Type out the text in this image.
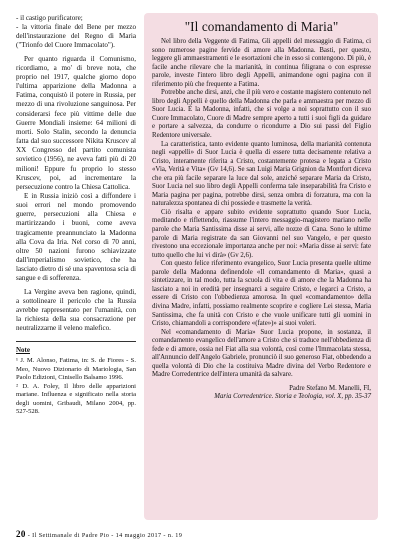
- il castigo purificatore;

- la vittoria finale del Bene per mezzo dell'instaurazione del Regno di Maria ("Trionfo del Cuore Immacolato").

Per quanto riguarda il Comunismo, ricordiamo, a mo' di breve nota, che proprio nel 1917, qualche giorno dopo l'ultima apparizione della Madonna a Fatima, conquistò il potere in Russia, per mezzo di una rivoluzione sanguinosa. Per considerarsi fece più vittime delle due Guerre Mondiali insieme: 64 milioni di morti. Solo Stalin, secondo la denuncia fatta dal suo successore Nikita Kruscev al XX Congresso del partito comunista sovietico (1956), ne aveva fatti più di 20 milioni! Eppure fu proprio lo stesso Kruscev, poi, ad incrementare la persecuzione contro la Chiesa Cattolica.

E in Russia iniziò così a diffondere i suoi errori nel mondo promovendo guerre, persecuzioni alla Chiesa e martirizzando i buoni, come aveva tragicamente preannunciato la Madonna alla Cova da Iria. Nel corso di 70 anni, oltre 50 nazioni furono schiavizzate dall'imperialismo sovietico, che ha lasciato dietro di sé una spaventosa scia di sangue e di sofferenza.

La Vergine aveva ben ragione, quindi, a sottolineare il pericolo che la Russia avrebbe rappresentato per l'umanità, con la richiesta della sua consacrazione per neutralizzarne il veleno malefico.

Note

¹ J. M. Alonso, Fatima, in: S. de Fiores - S. Meo, Nuovo Dizionario di Mariologia, San Paolo Edizioni, Cinisello Balsamo 1996.

² D. A. Foley, Il libro delle apparizioni mariane. Influenza e significato nella storia degli uomini, Gribaudi, Milano 2004, pp. 527-528.

"Il comandamento di Maria"

Nel libro della Veggente di Fatima, Gli appelli del messaggio di Fatima, ci sono numerose pagine fervide di amore alla Madonna. Basti, per questo, leggere gli ammaestramenti e le esortazioni che in esso si contengono. Di più, è facile anche rilevare che la marianità, in continua filigrana o con espresse parole, investe l'intero libro degli Appelli, animandone ogni pagina con il riferimento più che frequente a Fatima.

Potrebbe anche dirsi, anzi, che il più vero e costante magistero contenuto nel libro degli Appelli è quello della Madonna che parla e ammaestra per mezzo di Suor Lucia. È la Madonna, infatti, che si volge a noi soprattutto con il suo Cuore Immacolato, Cuore di Madre sempre aperto a tutti i suoi figli da guidare e portare a salvezza, da condurre o ricondurre a Dio sui passi del Figlio Redentore universale.

La caratteristica, tanto evidente quanto luminosa, della marianità contenuta negli «appelli» di Suor Lucia è quella di essere tutta decisamente relativa a Cristo, interamente riferita a Cristo, costantemente protesa e legata a Cristo «Via, Verità e Vita» (Gv 14,6). Se san Luigi Maria Grignion da Montfort diceva che era più facile separare la luce dal sole, anziché separare Maria da Cristo, Suor Lucia nel suo libro degli Appelli conferma tale inseparabilità fra Cristo e Maria pagina per pagina, potrebbe dirsi, senza ombra di forzatura, ma con la naturalezza spontanea di chi possiede e trasmette la verità.

Ciò risalta e appare subito evidente soprattutto quando Suor Lucia, meditando e riflettendo, riassume l'intero messaggio-magistero mariano nelle parole che Maria Santissima disse ai servi, alle nozze di Cana. Sono le ultime parole di Maria registrate da san Giovanni nel suo Vangelo, e per questo rivestono una eccezionale importanza anche per noi: «Maria disse ai servi: fate tutto quello che lui vi dirà» (Gv 2,6).

Con questo felice riferimento evangelico, Suor Lucia presenta quelle ultime parole della Madonna definendole «Il comandamento di Maria», quasi a sintetizzare, in tal modo, tutta la scuola di vita e di amore che la Madonna ha lasciato a noi in eredità per insegnarci a seguire Cristo, e legarci a Cristo, a essere di Cristo con l'obbedienza amorosa. In quel «comandamento» della divina Madre, infatti, possiamo realmente scoprire e cogliere Lei stessa, Maria Santissima, che fa unità con Cristo e che vuole unificare tutti gli uomini in Cristo, chiamandoli a corrispondere «(fate»)» ai suoi voleri.

Nel «comandamento di Maria» Suor Lucia propone, in sostanza, il comandamento evangelico dell'amore a Cristo che si traduce nell'obbedienza di fede e di amore, ossia nel Fiat alla sua volontà, così come l'Immacolata stessa, all'Annuncio dell'Angelo Gabriele, pronunciò il suo generoso Fiat, obbedendo a quella volontà di Dio che la costituiva Madre divina del Verbo Redentore e Madre Corredentrice dell'intera umanità da salvare.

Padre Stefano M. Manelli, FI,
Maria Corredentrice. Storia e Teologia, vol. X, pp. 35-37
20 - Il Settimanale di Padre Pio - 14 maggio 2017 - n. 19
